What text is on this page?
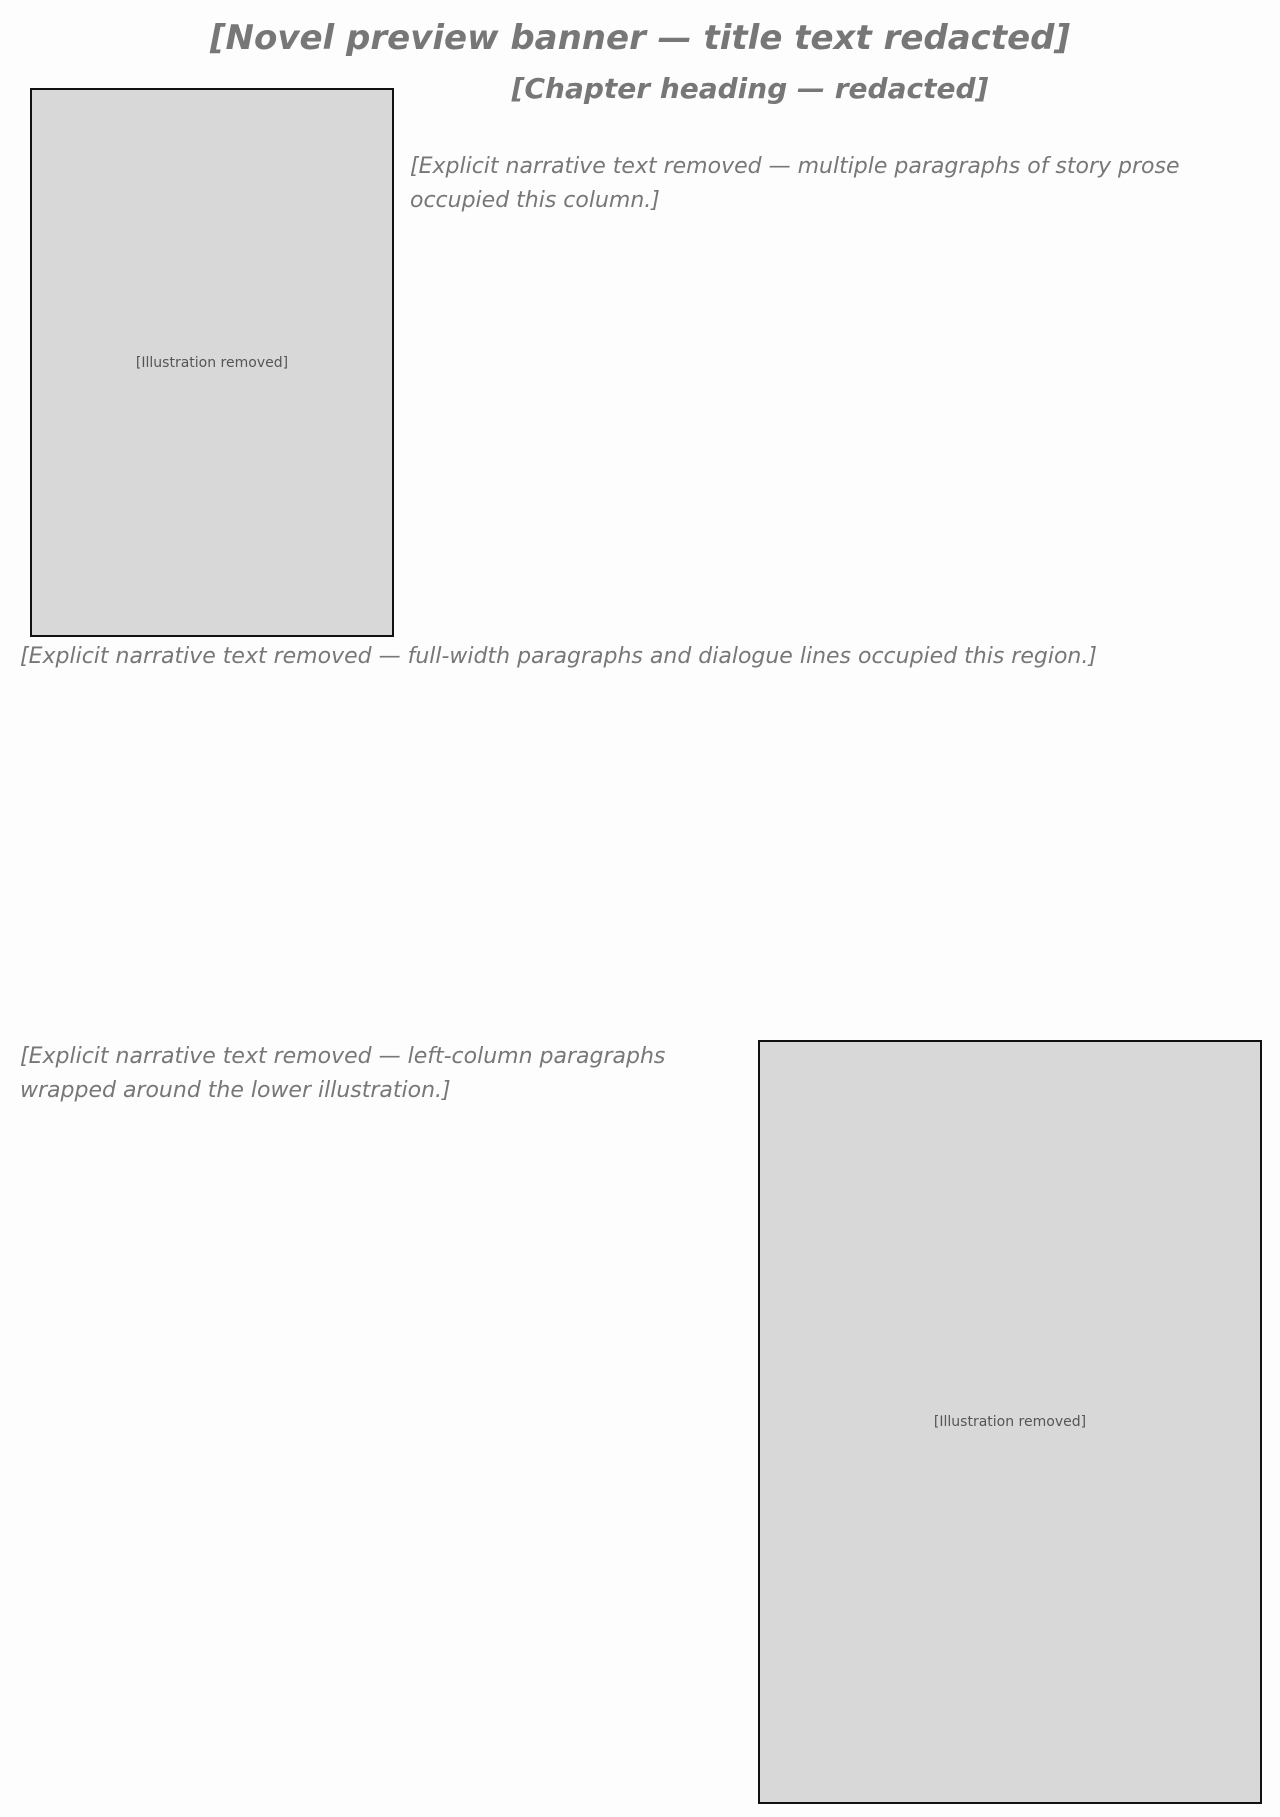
[Novel preview banner — title text redacted]
[Chapter heading — redacted]
[Illustration removed]
[Illustration removed]
[Explicit narrative text removed — multiple paragraphs of story prose occupied this column.]
[Explicit narrative text removed — full-width paragraphs and dialogue lines occupied this region.]
[Explicit narrative text removed — left-column paragraphs wrapped around the lower illustration.]
